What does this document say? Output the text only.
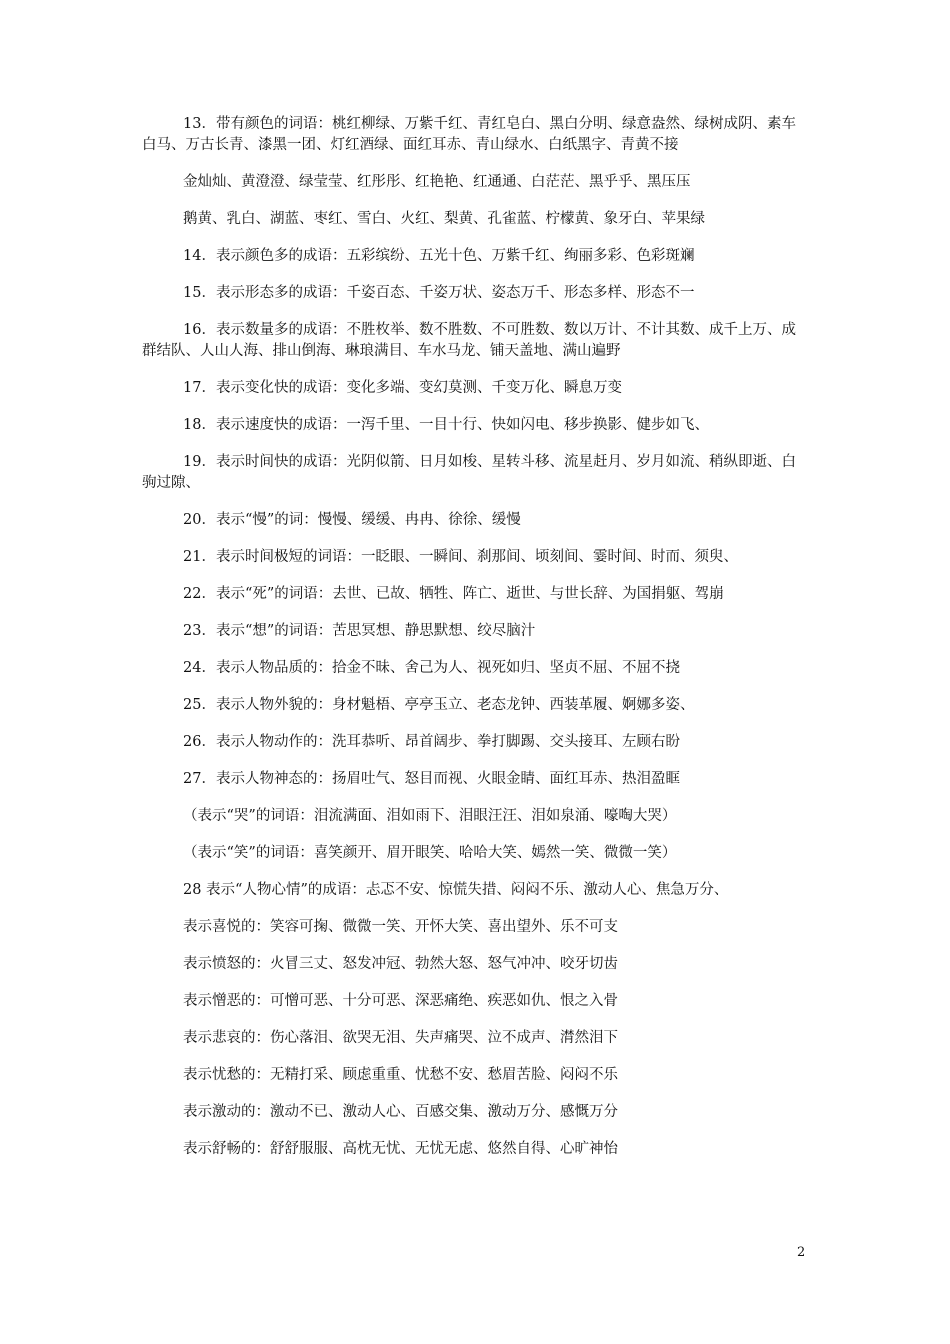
13．带有颜色的词语：桃红柳绿、万紫千红、青红皂白、黑白分明、绿意盎然、绿树成阴、素车白马、万古长青、漆黑一团、灯红酒绿、面红耳赤、青山绿水、白纸黑字、青黄不接

金灿灿、黄澄澄、绿莹莹、红彤彤、红艳艳、红通通、白茫茫、黑乎乎、黑压压

鹅黄、乳白、湖蓝、枣红、雪白、火红、梨黄、孔雀蓝、柠檬黄、象牙白、苹果绿

14．表示颜色多的成语：五彩缤纷、五光十色、万紫千红、绚丽多彩、色彩斑斓

15．表示形态多的成语：千姿百态、千姿万状、姿态万千、形态多样、形态不一

16．表示数量多的成语：不胜枚举、数不胜数、不可胜数、数以万计、不计其数、成千上万、成群结队、人山人海、排山倒海、琳琅满目、车水马龙、铺天盖地、满山遍野

17．表示变化快的成语：变化多端、变幻莫测、千变万化、瞬息万变

18．表示速度快的成语：一泻千里、一目十行、快如闪电、移步换影、健步如飞、

19．表示时间快的成语：光阴似箭、日月如梭、星转斗移、流星赶月、岁月如流、稍纵即逝、白驹过隙、

20．表示“慢”的词：慢慢、缓缓、冉冉、徐徐、缓慢

21．表示时间极短的词语：一眨眼、一瞬间、刹那间、顷刻间、霎时间、时而、须臾、

22．表示“死”的词语：去世、已故、牺牲、阵亡、逝世、与世长辞、为国捐躯、驾崩

23．表示“想”的词语：苦思冥想、静思默想、绞尽脑汁

24．表示人物品质的：拾金不昧、舍己为人、视死如归、坚贞不屈、不屈不挠

25．表示人物外貌的：身材魁梧、亭亭玉立、老态龙钟、西装革履、婀娜多姿、

26．表示人物动作的：洗耳恭听、昂首阔步、拳打脚踢、交头接耳、左顾右盼

27．表示人物神态的：扬眉吐气、怒目而视、火眼金睛、面红耳赤、热泪盈眶

（表示“哭”的词语：泪流满面、泪如雨下、泪眼汪汪、泪如泉涌、嚎啕大哭）

（表示“笑”的词语：喜笑颜开、眉开眼笑、哈哈大笑、嫣然一笑、微微一笑）

28 表示“人物心情”的成语：忐忑不安、惊慌失措、闷闷不乐、激动人心、焦急万分、

表示喜悦的：笑容可掬、微微一笑、开怀大笑、喜出望外、乐不可支

表示愤怒的：火冒三丈、怒发冲冠、勃然大怒、怒气冲冲、咬牙切齿

表示憎恶的：可憎可恶、十分可恶、深恶痛绝、疾恶如仇、恨之入骨

表示悲哀的：伤心落泪、欲哭无泪、失声痛哭、泣不成声、潸然泪下

表示忧愁的：无精打采、顾虑重重、忧愁不安、愁眉苦脸、闷闷不乐

表示激动的：激动不已、激动人心、百感交集、激动万分、感慨万分

表示舒畅的：舒舒服服、高枕无忧、无忧无虑、悠然自得、心旷神怡

2
